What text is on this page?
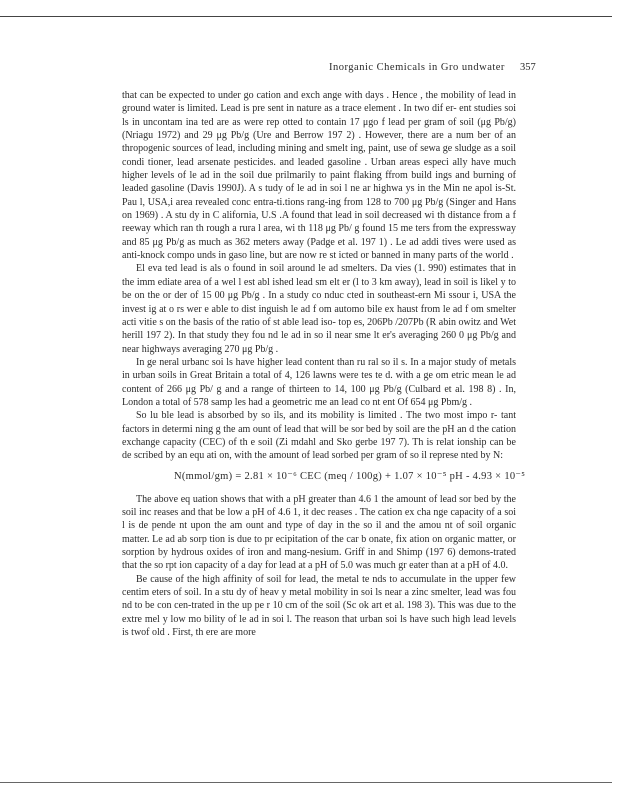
Inorganic Chemicals in Gro undwater 357

that can be expected to under go cation and exch ange with days . Hence , the mobility of lead in ground water is limited. Lead is pre sent in nature as a trace element . In two dif er- ent studies soi ls in uncontam ina ted are as were rep otted to contain 17 μgo f lead per gram of soil (μg Pb/g) (Nriagu 1972) and 29 μg Pb/g (Ure and Berrow 197 2) . However, there are a num ber of an thropogenic sources of lead, including mining and smelt ing, paint, use of sewa ge sludge as a soil condi tioner, lead arsenate pesticides. and leaded gasoline . Urban areas especi ally have much higher levels of le ad in the soil due prilmarily to paint flaking ffrom build ings and burning of leaded gasoline (Davis 1990J). A s tudy of le ad in soi l ne ar highwa ys in the Min ne apol is-St. Pau l, USA,i area revealed conc entra-ti.tions rang-ing from 128 to 700 μg Pb/g (Singer and Hans on 1969) . A stu dy in C alifornia, U.S .A found that lead in soil decreased wi th distance from a f reeway which ran th rough a rura l area, wi th 118 μg Pb/ g found 15 me ters from the expressway and 85 μg Pb/g as much as 362 meters away (Padge et al. 197 1) . Le ad addi tives were used as anti-knock compo unds in gaso line, but are now re st icted or banned in many parts of the world .

El eva ted lead is als o found in soil around le ad smelters. Da vies (1. 990) estimates that in the imm ediate area of a wel l est abl ished lead sm elt er (l to 3 km away), lead in soil is likel y to be on the or der of 15 00 μg Pb/g . In a study co nduc cted in southeast-ern Mi ssour i, USA the invest ig at o rs wer e able to dist inguish le ad f om automo bile ex haust from le ad f om smelter acti vitie s on the basis of the ratio of st able lead iso- top es, 206Pb /207Pb (R abin owitz and Wet herill 197 2). In that study they fou nd le ad in so il near sme lt er's averaging 260 0 μg Pb/g and near highways averaging 270 μg Pb/g .

In ge neral urbanc soi ls have higher lead content than ru ral so il s. In a major study of metals in urban soils in Great Britain a total of 4, 126 lawns were tes te d. with a ge om etric mean le ad content of 266 μg Pb/ g and a range of thirteen to 14, 100 μg Pb/g (Culbard et al. 198 8) . In, London a total of 578 samp les had a geometric me an lead co nt ent Of 654 μg Pbm/g .

So lu ble lead is absorbed by so ils, and its mobility is limited . The two most impo r- tant factors in determi ning g the am ount of lead that will be sor bed by soil are the pH an d the cation exchange capacity (CEC) of th e soil (Zi mdahl and Sko gerbe 197 7). Th is relat ionship can be de scribed by an equ ati on, with the amount of lead sorbed per gram of so il represe nted by N:

N(mmol/gm) = 2.81 × 10⁻⁶ CEC (meq / 100g) + 1.07 × 10⁻⁵ pH - 4.93 × 10⁻⁵

The above eq uation shows that with a pH greater than 4.6 1 the amount of lead sor bed by the soil inc reases and that be low a pH of 4.6 1, it dec reases . The cation ex cha nge capacity of a soi l is de pende nt upon the am ount and type of day in the so il and the amou nt of soil organic matter. Le ad ab sorp tion is due to pr ecipitation of the car b onate, fix ation on organic matter, or sorption by hydrous oxides of iron and mang-nesium. Griff in and Shimp (197 6) demons-trated that the so rpt ion capacity of a day for lead at a pH of 5.0 was much gr eater than at a pH of 4.0.

Be cause of the high affinity of soil for lead, the metal te nds to accumulate in the upper few centim eters of soil. In a stu dy of heav y metal mobility in soi ls near a zinc smelter, lead was fou nd to be con cen-trated in the up pe r 10 cm of the soil (Sc ok art et al. 198 3). This was due to the extre mel y low mo bility of le ad in soi l. The reason that urban soi ls have such high lead levels is twof old . First, th ere are more
